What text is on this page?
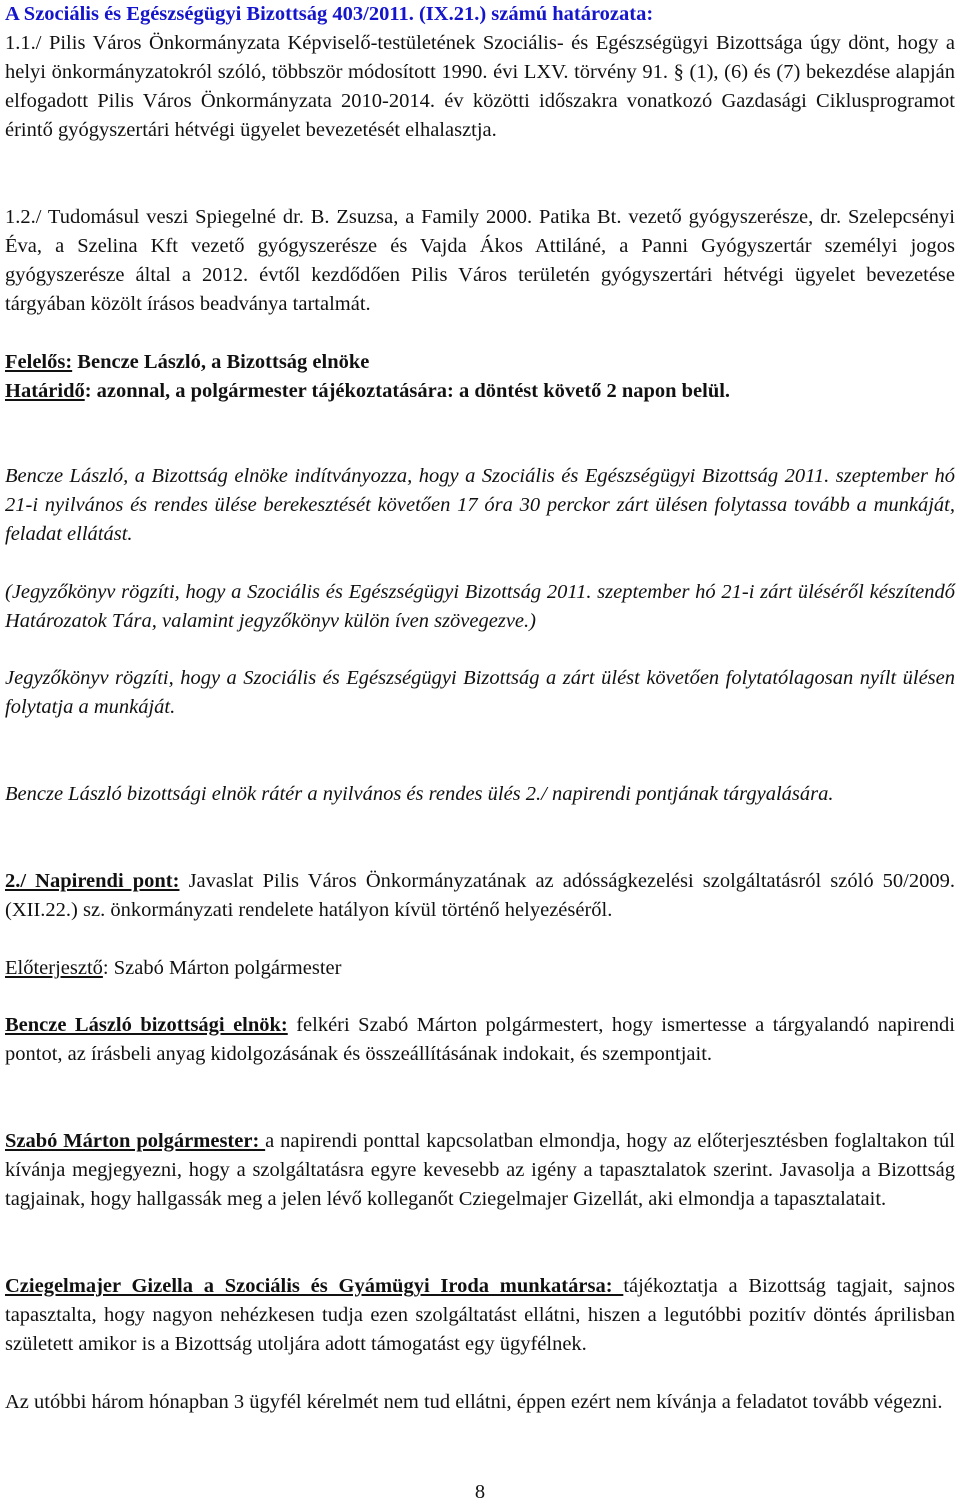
A Szociális és Egészségügyi Bizottság 403/2011. (IX.21.) számú határozata:

1.1./ Pilis Város Önkormányzata Képviselő-testületének Szociális- és Egészségügyi Bizottsága úgy dönt, hogy a helyi önkormányzatokról szóló, többször módosított 1990. évi LXV. törvény 91. § (1), (6) és (7) bekezdése alapján elfogadott Pilis Város Önkormányzata 2010-2014. év közötti időszakra vonatkozó Gazdasági Ciklusprogramot érintő gyógyszertári hétvégi ügyelet bevezetését elhalasztja.

1.2./ Tudomásul veszi Spiegelné dr. B. Zsuzsa, a Family 2000. Patika Bt. vezető gyógyszerésze, dr. Szelepcsényi Éva, a Szelina Kft vezető gyógyszerésze és Vajda Ákos Attiláné, a Panni Gyógyszertár személyi jogos gyógyszerésze által a 2012. évtől kezdődően Pilis Város területén gyógyszertári hétvégi ügyelet bevezetése tárgyában közölt írásos beadványa tartalmát.

Felelős: Bencze László, a Bizottság elnöke

Határidő: azonnal, a polgármester tájékoztatására: a döntést követő 2 napon belül.

Bencze László, a Bizottság elnöke indítványozza, hogy a Szociális és Egészségügyi Bizottság 2011. szeptember hó 21-i nyilvános és rendes ülése berekesztését követően 17 óra 30 perckor zárt ülésen folytassa tovább a munkáját, feladat ellátást.

(Jegyzőkönyv rögzíti, hogy a Szociális és Egészségügyi Bizottság 2011. szeptember hó 21-i zárt üléséről készítendő Határozatok Tára, valamint jegyzőkönyv külön íven szövegezve.)

Jegyzőkönyv rögzíti, hogy a Szociális és Egészségügyi Bizottság a zárt ülést követően folytatólagosan nyílt ülésen folytatja a munkáját.

Bencze László bizottsági elnök rátér a nyilvános és rendes ülés 2./ napirendi pontjának tárgyalására.

2./ Napirendi pont: Javaslat Pilis Város Önkormányzatának az adósságkezelési szolgáltatásról szóló 50/2009. (XII.22.) sz. önkormányzati rendelete hatályon kívül történő helyezéséről.

Előterjesztő: Szabó Márton polgármester

Bencze László bizottsági elnök: felkéri Szabó Márton polgármestert, hogy ismertesse a tárgyalandó napirendi pontot, az írásbeli anyag kidolgozásának és összeállításának indokait, és szempontjait.

Szabó Márton polgármester: a napirendi ponttal kapcsolatban elmondja, hogy az előterjesztésben foglaltakon túl kívánja megjegyezni, hogy a szolgáltatásra egyre kevesebb az igény a tapasztalatok szerint. Javasolja a Bizottság tagjainak, hogy hallgassák meg a jelen lévő kolleganőt Cziegelmajer Gizellát, aki elmondja a tapasztalatait.

Cziegelmajer Gizella a Szociális és Gyámügyi Iroda munkatársa: tájékoztatja a Bizottság tagjait, sajnos tapasztalta, hogy nagyon nehézkesen tudja ezen szolgáltatást ellátni, hiszen a legutóbbi pozitív döntés áprilisban született amikor is a Bizottság utoljára adott támogatást egy ügyfélnek.

Az utóbbi három hónapban 3 ügyfél kérelmét nem tud ellátni, éppen ezért nem kívánja a feladatot tovább végezni.

8
